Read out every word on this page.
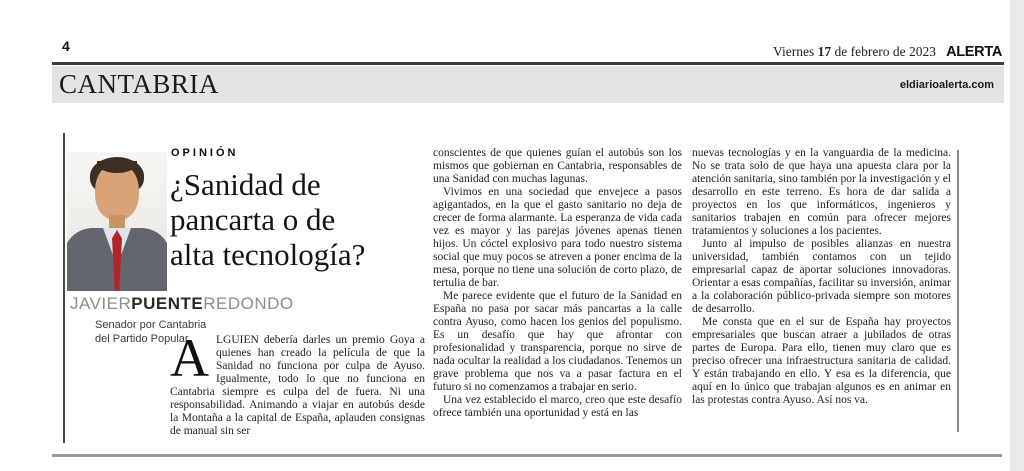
4	Viernes 17 de febrero de 2023 ALERTA
CANTABRIA	eldiarioalerta.com
OPINIÓN
¿Sanidad de
pancarta o de
alta tecnología?
JAVIERPUENTEREDONDO

Senador por Cantabria

del Partido Popular

ALGUIEN debería darles un premio Goya a quienes han creado la película de que la Sanidad no funciona por culpa de Ayuso. Igualmente, todo lo que no funciona en Cantabria siempre es culpa del de fuera. Ni una responsabilidad. Animando a viajar en autobús desde la Montaña a la capital de España, aplauden consignas de manual sin ser

conscientes de que quienes guían el autobús son los mismos que gobiernan en Cantabria, responsables de una Sanidad con muchas lagunas.

Vivimos en una sociedad que envejece a pasos agigantados, en la que el gasto sanitario no deja de crecer de forma alarmante. La esperanza de vida cada vez es mayor y las parejas jóvenes apenas tienen hijos. Un cóctel explosivo para todo nuestro sistema social que muy pocos se atreven a poner encima de la mesa, porque no tiene una solución de corto plazo, de tertulia de bar.

Me parece evidente que el futuro de la Sanidad en España no pasa por sacar más pancartas a la calle contra Ayuso, como hacen los genios del populismo. Es un desafío que hay que afrontar con profesionalidad y transparencia, porque no sirve de nada ocultar la realidad a los ciudadanos. Tenemos un grave problema que nos va a pasar factura en el futuro si no comenzamos a trabajar en serio.

Una vez establecido el marco, creo que este desafío ofrece también una oportunidad y está en las

nuevas tecnologías y en la vanguardia de la medicina. No se trata solo de que haya una apuesta clara por la atención sanitaria, sino también por la investigación y el desarrollo en este terreno. Es hora de dar salida a proyectos en los que informáticos, ingenieros y sanitarios trabajen en común para ofrecer mejores tratamientos y soluciones a los pacientes.

Junto al impulso de posibles alianzas en nuestra universidad, también contamos con un tejido empresarial capaz de aportar soluciones innovadoras. Orientar a esas compañías, facilitar su inversión, animar a la colaboración público-privada siempre son motores de desarrollo.

Me consta que en el sur de España hay proyectos empresariales que buscan atraer a jubilados de otras partes de Europa. Para ello, tienen muy claro que es preciso ofrecer una infraestructura sanitaria de calidad. Y están trabajando en ello. Y esa es la diferencia, que aquí en lo único que trabajan algunos es en animar en las protestas contra Ayuso. Así nos va.
